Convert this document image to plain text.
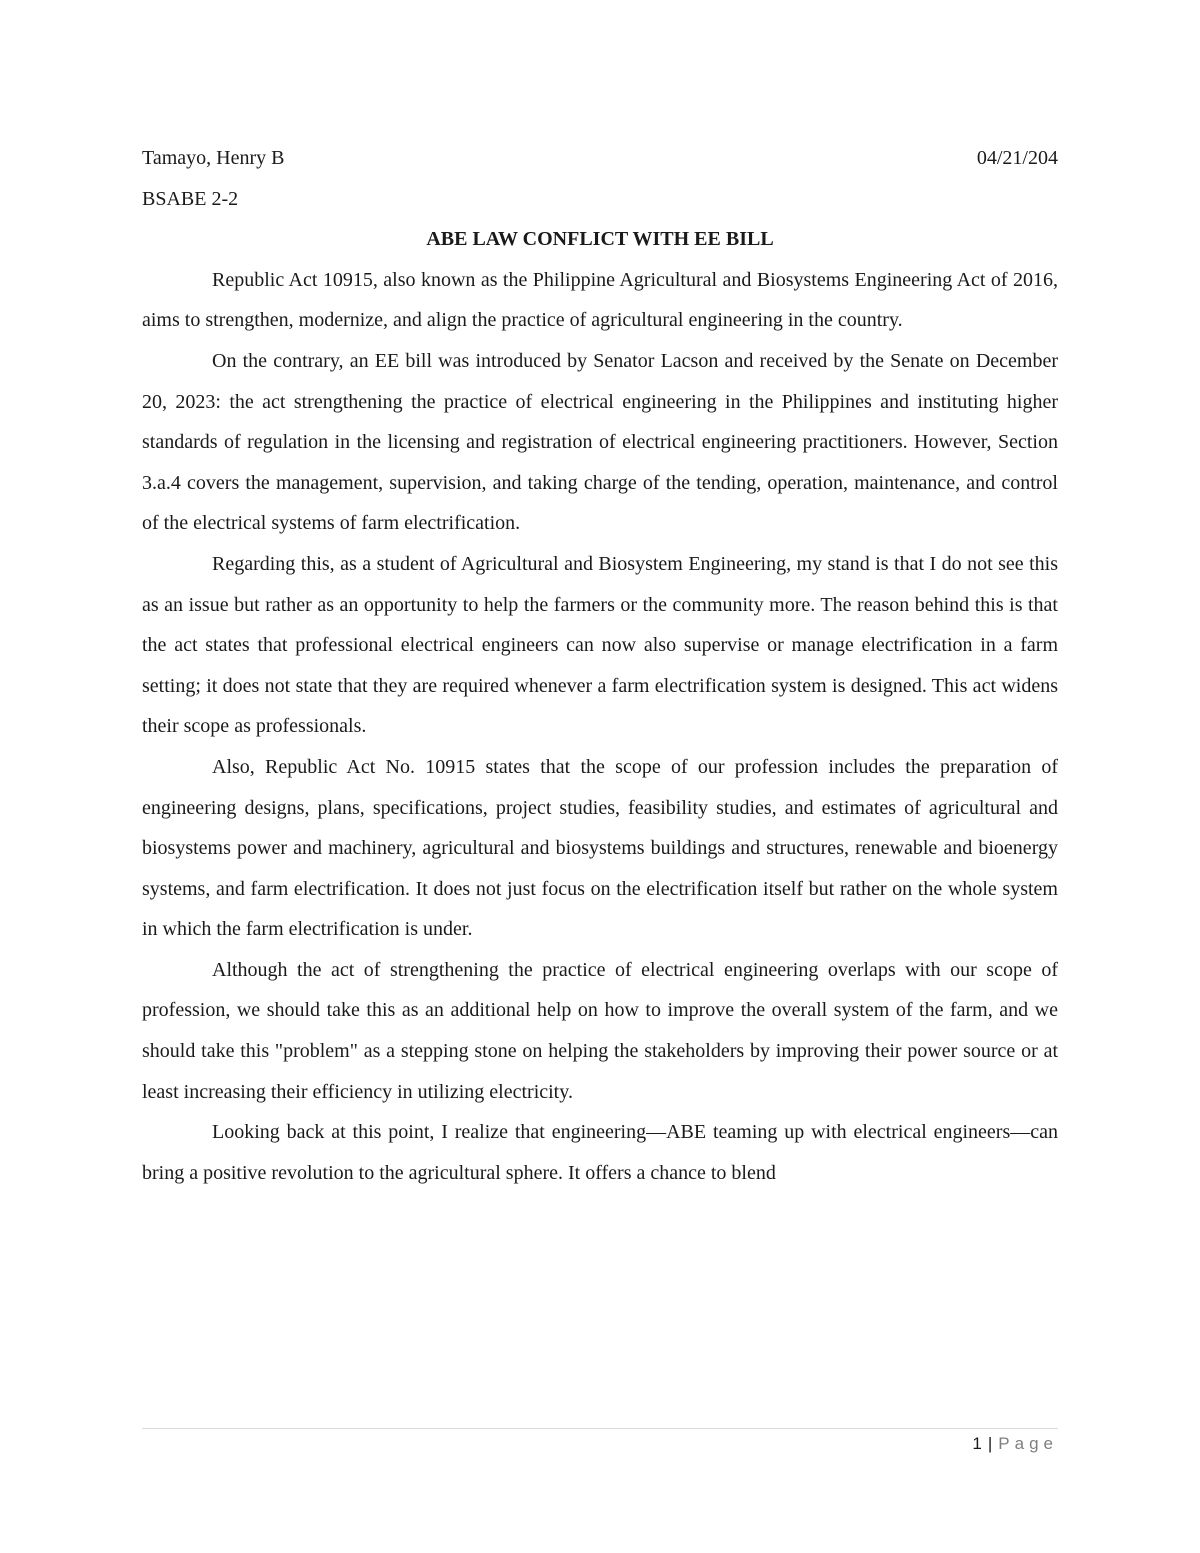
Tamayo, Henry B	04/21/204
BSABE 2-2
ABE LAW CONFLICT WITH EE BILL

Republic Act 10915, also known as the Philippine Agricultural and Biosystems Engineering Act of 2016, aims to strengthen, modernize, and align the practice of agricultural engineering in the country.

On the contrary, an EE bill was introduced by Senator Lacson and received by the Senate on December 20, 2023: the act strengthening the practice of electrical engineering in the Philippines and instituting higher standards of regulation in the licensing and registration of electrical engineering practitioners. However, Section 3.a.4 covers the management, supervision, and taking charge of the tending, operation, maintenance, and control of the electrical systems of farm electrification.

Regarding this, as a student of Agricultural and Biosystem Engineering, my stand is that I do not see this as an issue but rather as an opportunity to help the farmers or the community more. The reason behind this is that the act states that professional electrical engineers can now also supervise or manage electrification in a farm setting; it does not state that they are required whenever a farm electrification system is designed. This act widens their scope as professionals.

Also, Republic Act No. 10915 states that the scope of our profession includes the preparation of engineering designs, plans, specifications, project studies, feasibility studies, and estimates of agricultural and biosystems power and machinery, agricultural and biosystems buildings and structures, renewable and bioenergy systems, and farm electrification. It does not just focus on the electrification itself but rather on the whole system in which the farm electrification is under.

Although the act of strengthening the practice of electrical engineering overlaps with our scope of profession, we should take this as an additional help on how to improve the overall system of the farm, and we should take this "problem" as a stepping stone on helping the stakeholders by improving their power source or at least increasing their efficiency in utilizing electricity.

Looking back at this point, I realize that engineering—ABE teaming up with electrical engineers—can bring a positive revolution to the agricultural sphere. It offers a chance to blend

1 | Page
